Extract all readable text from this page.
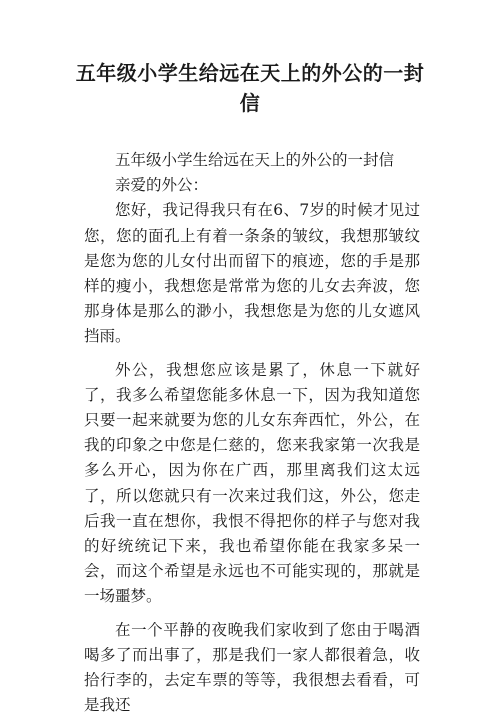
五年级小学生给远在天上的外公的一封信

五年级小学生给远在天上的外公的一封信

亲爱的外公：

您好，我记得我只有在6、7岁的时候才见过您，您的面孔上有着一条条的皱纹，我想那皱纹是您为您的儿女付出而留下的痕迹，您的手是那样的瘦小，我想您是常常为您的儿女去奔波，您那身体是那么的渺小，我想您是为您的儿女遮风挡雨。

外公，我想您应该是累了，休息一下就好了，我多么希望您能多休息一下，因为我知道您只要一起来就要为您的儿女东奔西忙，外公，在我的印象之中您是仁慈的，您来我家第一次我是多么开心，因为你在广西，那里离我们这太远了，所以您就只有一次来过我们这，外公，您走后我一直在想你，我恨不得把你的样子与您对我的好统统记下来，我也希望你能在我家多呆一会，而这个希望是永远也不可能实现的，那就是一场噩梦。

在一个平静的夜晚我们家收到了您由于喝酒喝多了而出事了，那是我们一家人都很着急，收拾行李的，去定车票的等等，我很想去看看，可是我还
